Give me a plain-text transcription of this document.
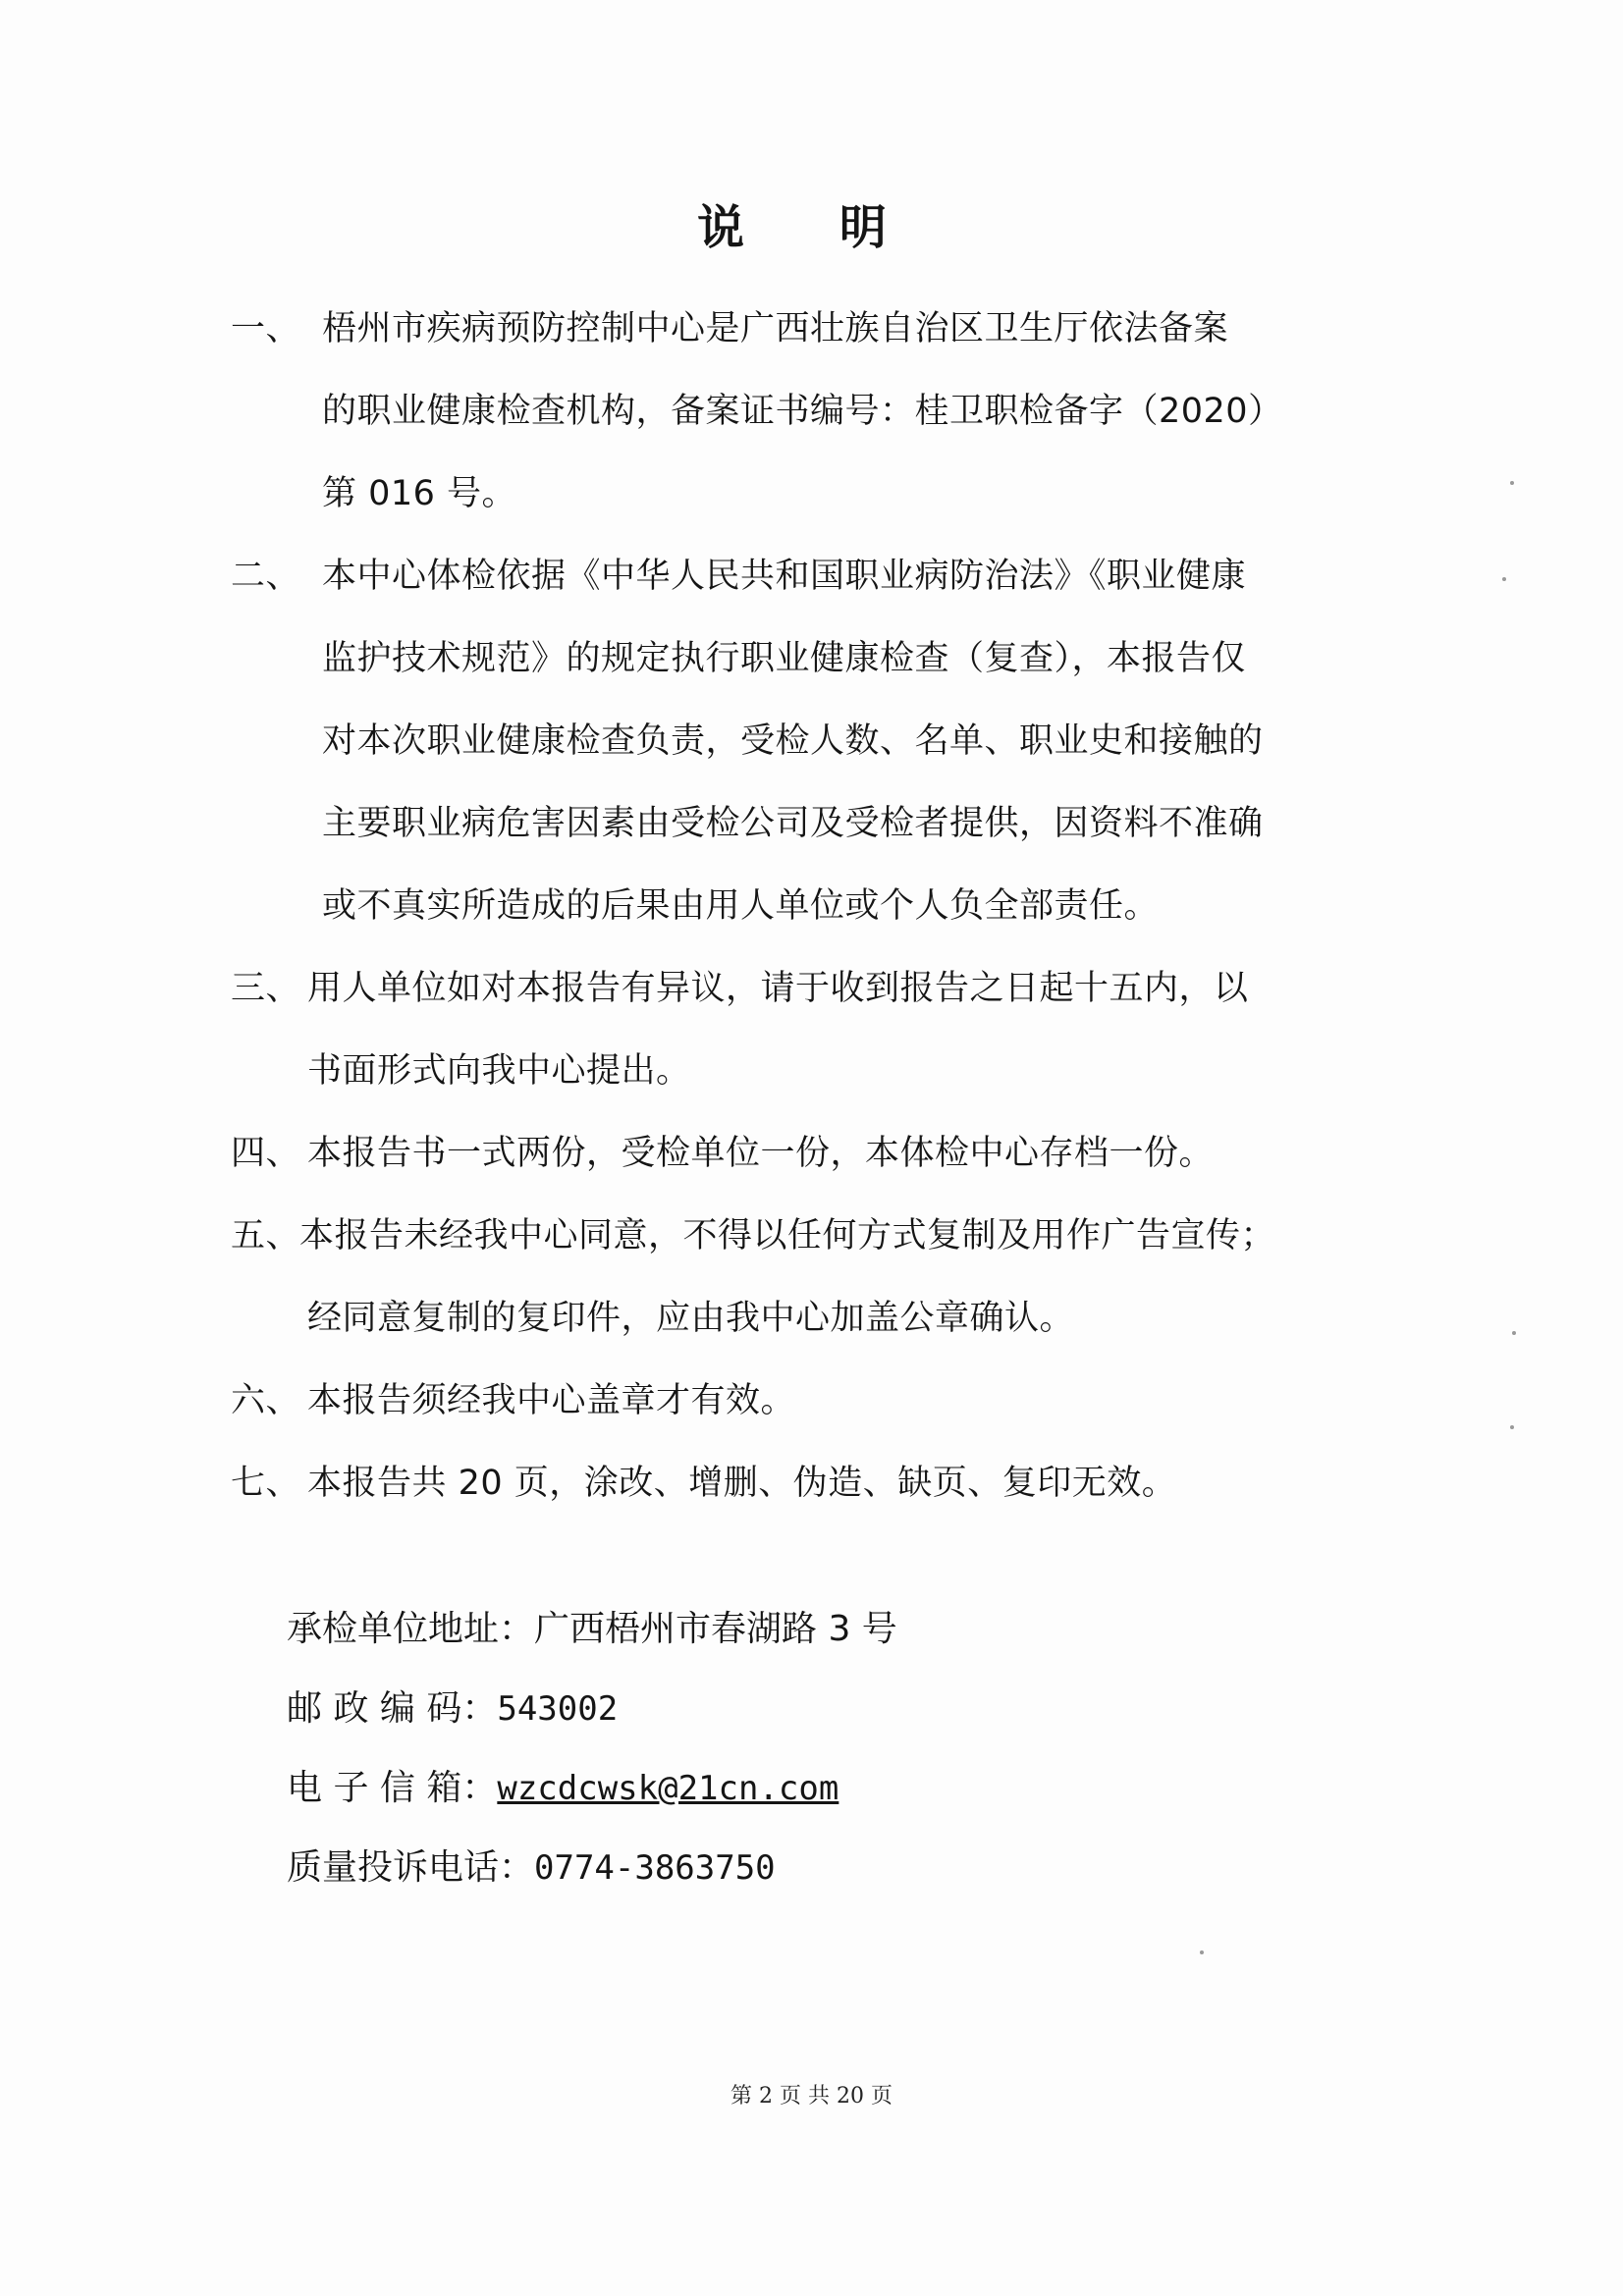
说 明
一、 梧州市疾病预防控制中心是广西壮族自治区卫生厅依法备案
的职业健康检查机构，备案证书编号：桂卫职检备字（2020）
第 016 号。
二、 本中心体检依据《中华人民共和国职业病防治法》《职业健康
监护技术规范》的规定执行职业健康检查（复查），本报告仅
对本次职业健康检查负责，受检人数、名单、职业史和接触的
主要职业病危害因素由受检公司及受检者提供，因资料不准确
或不真实所造成的后果由用人单位或个人负全部责任。
三、 用人单位如对本报告有异议，请于收到报告之日起十五内，以
书面形式向我中心提出。
四、 本报告书一式两份，受检单位一份，本体检中心存档一份。
五、
本报告未经我中心同意，不得以任何方式复制及用作广告宣传；
经同意复制的复印件，应由我中心加盖公章确认。
六、 本报告须经我中心盖章才有效。
七、 本报告共 20 页，涂改、增删、伪造、缺页、复印无效。
承检单位地址：广西梧州市春湖路 3 号
邮 政 编 码：543002
电 子 信 箱：wzcdcwsk@21cn.com
质量投诉电话：0774-3863750
第 2 页 共 20 页
